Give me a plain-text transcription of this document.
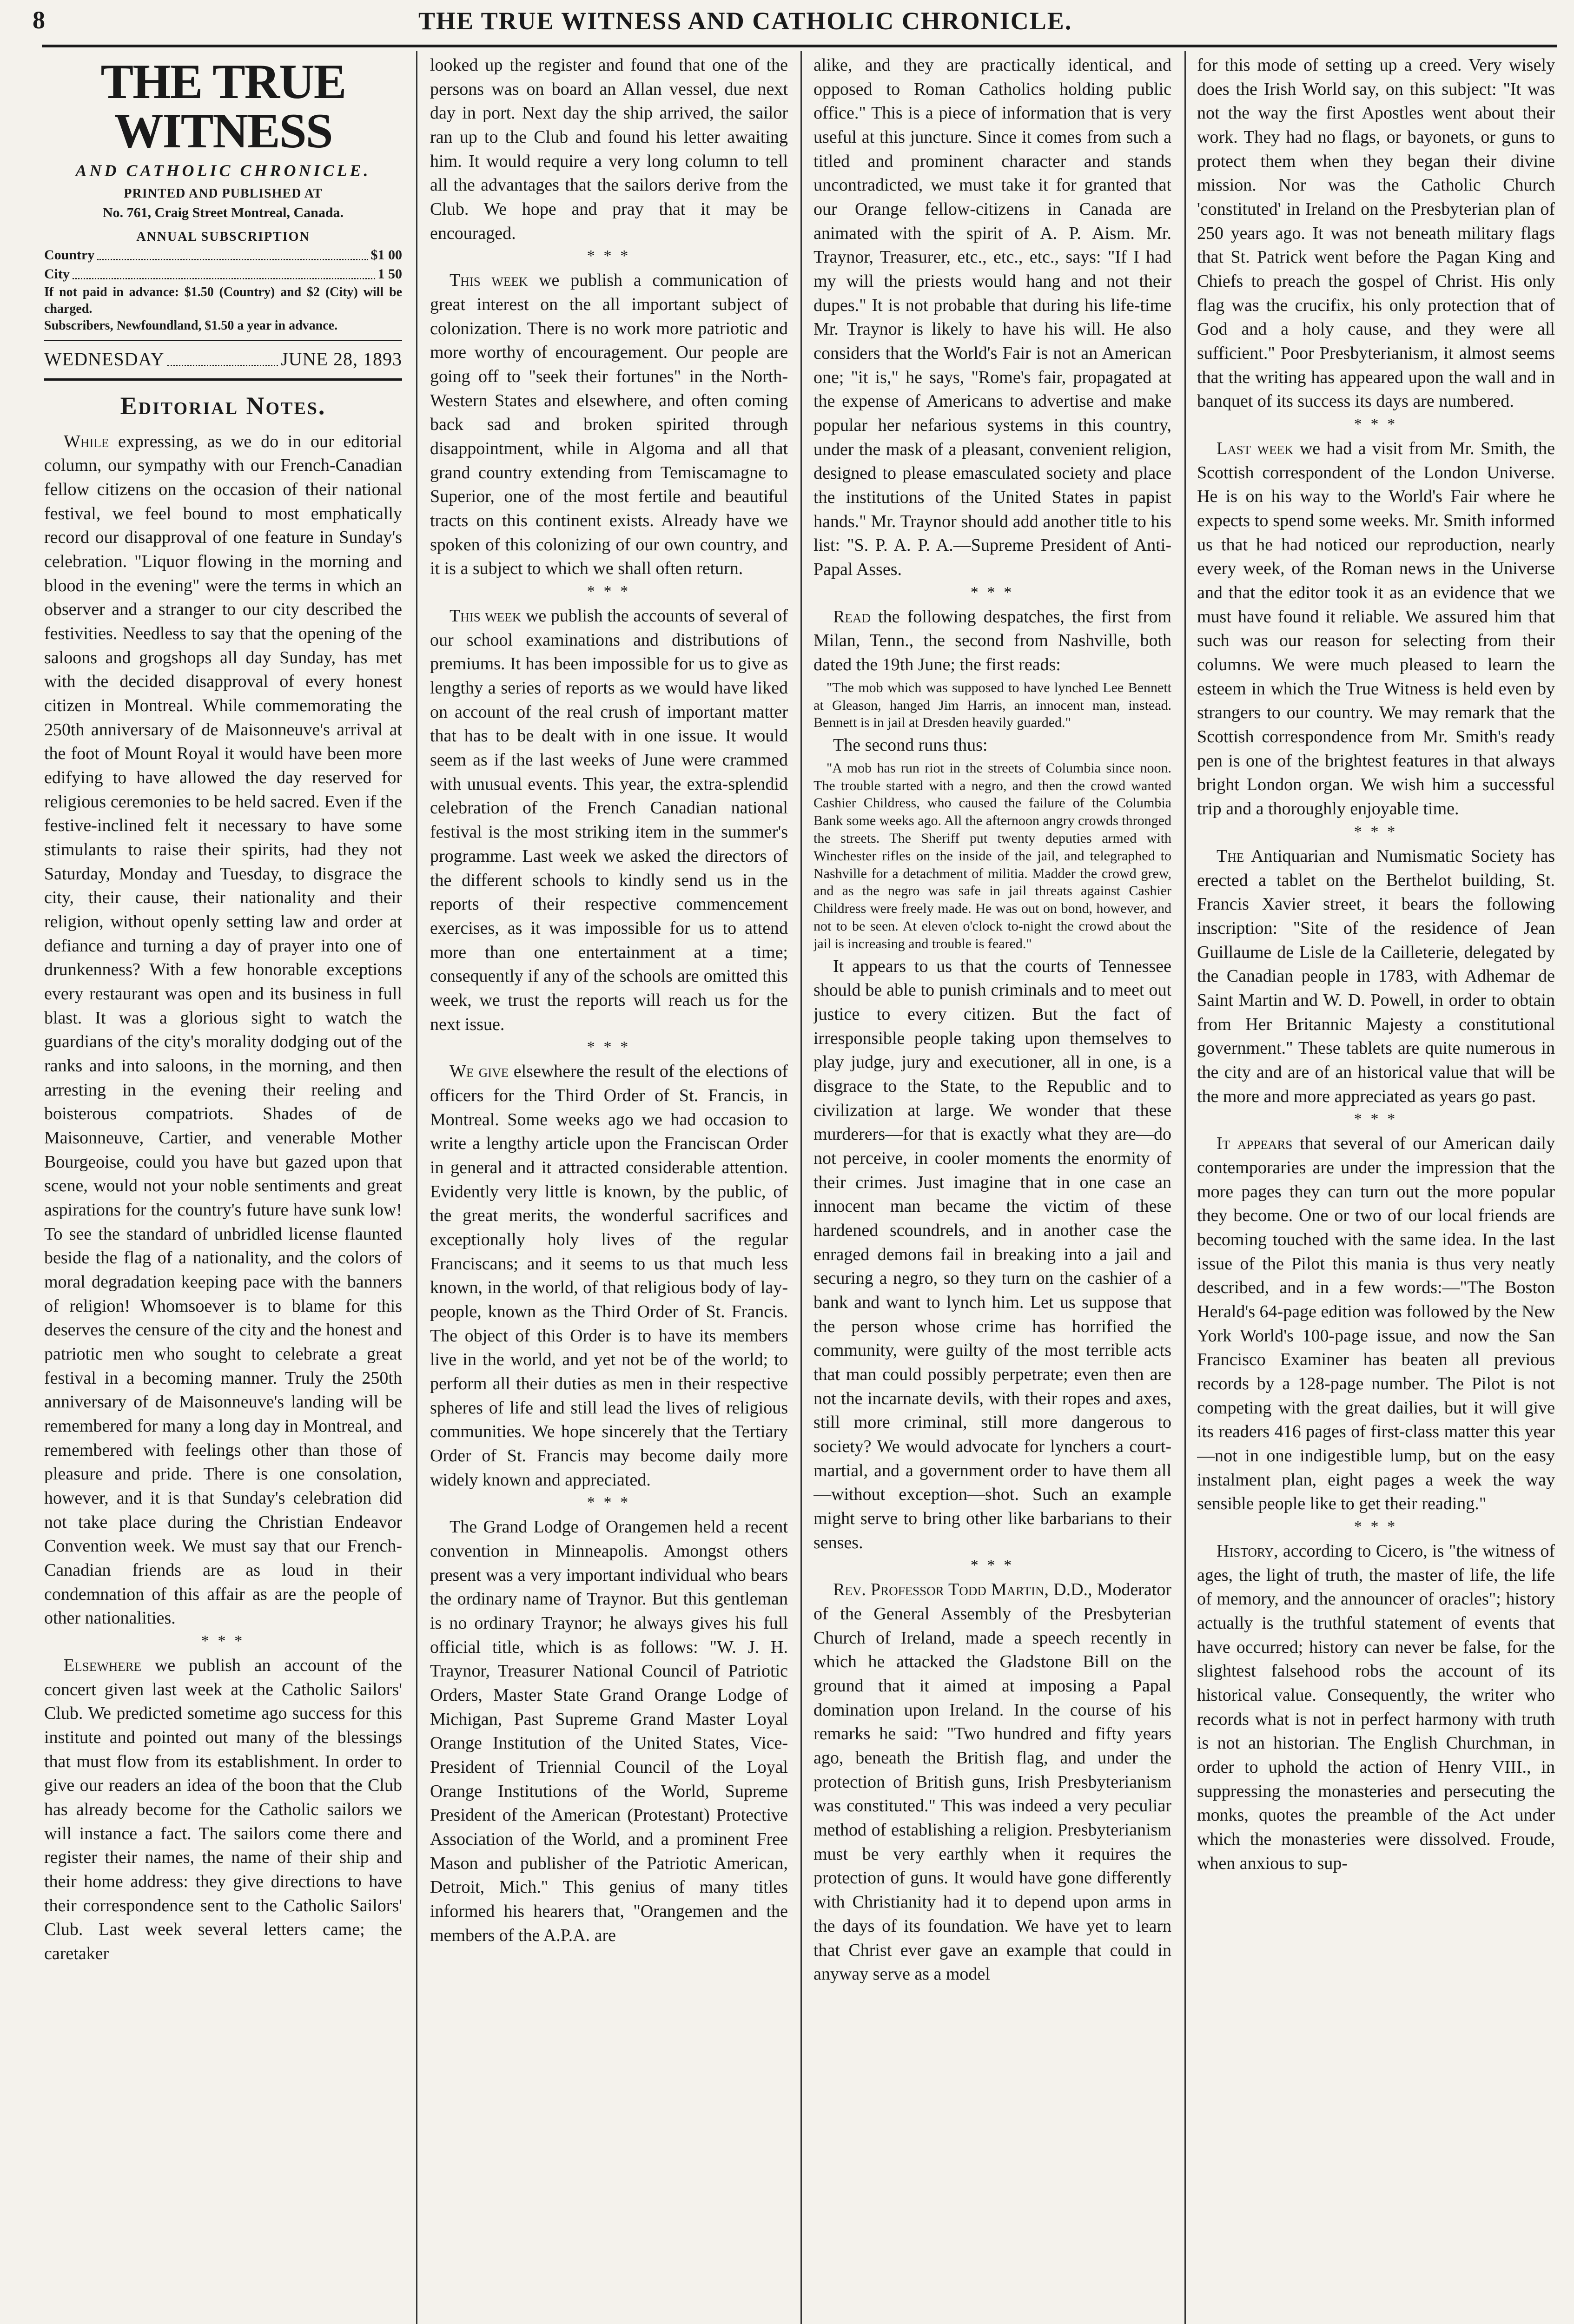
8	THE TRUE WITNESS AND CATHOLIC CHRONICLE.
THE TRUE WITNESS
AND CATHOLIC CHRONICLE.
PRINTED AND PUBLISHED AT
No. 761, Craig Street Montreal, Canada.
ANNUAL SUBSCRIPTION
Country	$1 00
City	1 50
If not paid in advance: $1.50 (Country) and $2 (City) will be charged.
Subscribers, Newfoundland, $1.50 a year in advance.
WEDNESDAY	JUNE 28, 1893
Editorial Notes.

While expressing, as we do in our editorial column, our sympathy with our French-Canadian fellow citizens on the occasion of their national festival, we feel bound to most emphatically record our disapproval of one feature in Sunday's celebration. "Liquor flowing in the morning and blood in the evening" were the terms in which an observer and a stranger to our city described the festivities. Needless to say that the opening of the saloons and grogshops all day Sunday, has met with the decided disapproval of every honest citizen in Montreal. While commemorating the 250th anniversary of de Maisonneuve's arrival at the foot of Mount Royal it would have been more edifying to have allowed the day reserved for religious ceremonies to be held sacred. Even if the festive-inclined felt it necessary to have some stimulants to raise their spirits, had they not Saturday, Monday and Tuesday, to disgrace the city, their cause, their nationality and their religion, without openly setting law and order at defiance and turning a day of prayer into one of drunkenness? With a few honorable exceptions every restaurant was open and its business in full blast. It was a glorious sight to watch the guardians of the city's morality dodging out of the ranks and into saloons, in the morning, and then arresting in the evening their reeling and boisterous compatriots. Shades of de Maisonneuve, Cartier, and venerable Mother Bourgeoise, could you have but gazed upon that scene, would not your noble sentiments and great aspirations for the country's future have sunk low! To see the standard of unbridled license flaunted beside the flag of a nationality, and the colors of moral degradation keeping pace with the banners of religion! Whomsoever is to blame for this deserves the censure of the city and the honest and patriotic men who sought to celebrate a great festival in a becoming manner. Truly the 250th anniversary of de Maisonneuve's landing will be remembered for many a long day in Montreal, and remembered with feelings other than those of pleasure and pride. There is one consolation, however, and it is that Sunday's celebration did not take place during the Christian Endeavor Convention week. We must say that our French-Canadian friends are as loud in their condemnation of this affair as are the people of other nationalities.

* * *

Elsewhere we publish an account of the concert given last week at the Catholic Sailors' Club. We predicted sometime ago success for this institute and pointed out many of the blessings that must flow from its establishment. In order to give our readers an idea of the boon that the Club has already become for the Catholic sailors we will instance a fact. The sailors come there and register their names, the name of their ship and their home address: they give directions to have their correspondence sent to the Catholic Sailors' Club. Last week several letters came; the caretaker

looked up the register and found that one of the persons was on board an Allan vessel, due next day in port. Next day the ship arrived, the sailor ran up to the Club and found his letter awaiting him. It would require a very long column to tell all the advantages that the sailors derive from the Club. We hope and pray that it may be encouraged.

* * *

This week we publish a communication of great interest on the all important subject of colonization. There is no work more patriotic and more worthy of encouragement. Our people are going off to "seek their fortunes" in the North-Western States and elsewhere, and often coming back sad and broken spirited through disappointment, while in Algoma and all that grand country extending from Temiscamagne to Superior, one of the most fertile and beautiful tracts on this continent exists. Already have we spoken of this colonizing of our own country, and it is a subject to which we shall often return.

* * *

This week we publish the accounts of several of our school examinations and distributions of premiums. It has been impossible for us to give as lengthy a series of reports as we would have liked on account of the real crush of important matter that has to be dealt with in one issue. It would seem as if the last weeks of June were crammed with unusual events. This year, the extra-splendid celebration of the French Canadian national festival is the most striking item in the summer's programme. Last week we asked the directors of the different schools to kindly send us in the reports of their respective commencement exercises, as it was impossible for us to attend more than one entertainment at a time; consequently if any of the schools are omitted this week, we trust the reports will reach us for the next issue.

* * *

We give elsewhere the result of the elections of officers for the Third Order of St. Francis, in Montreal. Some weeks ago we had occasion to write a lengthy article upon the Franciscan Order in general and it attracted considerable attention. Evidently very little is known, by the public, of the great merits, the wonderful sacrifices and exceptionally holy lives of the regular Franciscans; and it seems to us that much less known, in the world, of that religious body of lay-people, known as the Third Order of St. Francis. The object of this Order is to have its members live in the world, and yet not be of the world; to perform all their duties as men in their respective spheres of life and still lead the lives of religious communities. We hope sincerely that the Tertiary Order of St. Francis may become daily more widely known and appreciated.

* * *

The Grand Lodge of Orangemen held a recent convention in Minneapolis. Amongst others present was a very important individual who bears the ordinary name of Traynor. But this gentleman is no ordinary Traynor; he always gives his full official title, which is as follows: "W. J. H. Traynor, Treasurer National Council of Patriotic Orders, Master State Grand Orange Lodge of Michigan, Past Supreme Grand Master Loyal Orange Institution of the United States, Vice-President of Triennial Council of the Loyal Orange Institutions of the World, Supreme President of the American (Protestant) Protective Association of the World, and a prominent Free Mason and publisher of the Patriotic American, Detroit, Mich." This genius of many titles informed his hearers that, "Orangemen and the members of the A.P.A. are

alike, and they are practically identical, and opposed to Roman Catholics holding public office." This is a piece of information that is very useful at this juncture. Since it comes from such a titled and prominent character and stands uncontradicted, we must take it for granted that our Orange fellow-citizens in Canada are animated with the spirit of A. P. Aism. Mr. Traynor, Treasurer, etc., etc., etc., says: "If I had my will the priests would hang and not their dupes." It is not probable that during his life-time Mr. Traynor is likely to have his will. He also considers that the World's Fair is not an American one; "it is," he says, "Rome's fair, propagated at the expense of Americans to advertise and make popular her nefarious systems in this country, under the mask of a pleasant, convenient religion, designed to please emasculated society and place the institutions of the United States in papist hands." Mr. Traynor should add another title to his list: "S. P. A. P. A.—Supreme President of Anti-Papal Asses.

* * *

Read the following despatches, the first from Milan, Tenn., the second from Nashville, both dated the 19th June; the first reads:

"The mob which was supposed to have lynched Lee Bennett at Gleason, hanged Jim Harris, an innocent man, instead. Bennett is in jail at Dresden heavily guarded."

The second runs thus:

"A mob has run riot in the streets of Columbia since noon. The trouble started with a negro, and then the crowd wanted Cashier Childress, who caused the failure of the Columbia Bank some weeks ago. All the afternoon angry crowds thronged the streets. The Sheriff put twenty deputies armed with Winchester rifles on the inside of the jail, and telegraphed to Nashville for a detachment of militia. Madder the crowd grew, and as the negro was safe in jail threats against Cashier Childress were freely made. He was out on bond, however, and not to be seen. At eleven o'clock to-night the crowd about the jail is increasing and trouble is feared."

It appears to us that the courts of Tennessee should be able to punish criminals and to meet out justice to every citizen. But the fact of irresponsible people taking upon themselves to play judge, jury and executioner, all in one, is a disgrace to the State, to the Republic and to civilization at large. We wonder that these murderers—for that is exactly what they are—do not perceive, in cooler moments the enormity of their crimes. Just imagine that in one case an innocent man became the victim of these hardened scoundrels, and in another case the enraged demons fail in breaking into a jail and securing a negro, so they turn on the cashier of a bank and want to lynch him. Let us suppose that the person whose crime has horrified the community, were guilty of the most terrible acts that man could possibly perpetrate; even then are not the incarnate devils, with their ropes and axes, still more criminal, still more dangerous to society? We would advocate for lynchers a court-martial, and a government order to have them all—without exception—shot. Such an example might serve to bring other like barbarians to their senses.

* * *

Rev. Professor Todd Martin, D.D., Moderator of the General Assembly of the Presbyterian Church of Ireland, made a speech recently in which he attacked the Gladstone Bill on the ground that it aimed at imposing a Papal domination upon Ireland. In the course of his remarks he said: "Two hundred and fifty years ago, beneath the British flag, and under the protection of British guns, Irish Presbyterianism was constituted." This was indeed a very peculiar method of establishing a religion. Presbyterianism must be very earthly when it requires the protection of guns. It would have gone differently with Christianity had it to depend upon arms in the days of its foundation. We have yet to learn that Christ ever gave an example that could in anyway serve as a model

for this mode of setting up a creed. Very wisely does the Irish World say, on this subject: "It was not the way the first Apostles went about their work. They had no flags, or bayonets, or guns to protect them when they began their divine mission. Nor was the Catholic Church 'constituted' in Ireland on the Presbyterian plan of 250 years ago. It was not beneath military flags that St. Patrick went before the Pagan King and Chiefs to preach the gospel of Christ. His only flag was the crucifix, his only protection that of God and a holy cause, and they were all sufficient." Poor Presbyterianism, it almost seems that the writing has appeared upon the wall and in banquet of its success its days are numbered.

* * *

Last week we had a visit from Mr. Smith, the Scottish correspondent of the London Universe. He is on his way to the World's Fair where he expects to spend some weeks. Mr. Smith informed us that he had noticed our reproduction, nearly every week, of the Roman news in the Universe and that the editor took it as an evidence that we must have found it reliable. We assured him that such was our reason for selecting from their columns. We were much pleased to learn the esteem in which the True Witness is held even by strangers to our country. We may remark that the Scottish correspondence from Mr. Smith's ready pen is one of the brightest features in that always bright London organ. We wish him a successful trip and a thoroughly enjoyable time.

* * *

The Antiquarian and Numismatic Society has erected a tablet on the Berthelot building, St. Francis Xavier street, it bears the following inscription: "Site of the residence of Jean Guillaume de Lisle de la Cailleterie, delegated by the Canadian people in 1783, with Adhemar de Saint Martin and W. D. Powell, in order to obtain from Her Britannic Majesty a constitutional government." These tablets are quite numerous in the city and are of an historical value that will be the more and more appreciated as years go past.

* * *

It appears that several of our American daily contemporaries are under the impression that the more pages they can turn out the more popular they become. One or two of our local friends are becoming touched with the same idea. In the last issue of the Pilot this mania is thus very neatly described, and in a few words:—"The Boston Herald's 64-page edition was followed by the New York World's 100-page issue, and now the San Francisco Examiner has beaten all previous records by a 128-page number. The Pilot is not competing with the great dailies, but it will give its readers 416 pages of first-class matter this year—not in one indigestible lump, but on the easy instalment plan, eight pages a week the way sensible people like to get their reading."

* * *

History, according to Cicero, is "the witness of ages, the light of truth, the master of life, the life of memory, and the announcer of oracles"; history actually is the truthful statement of events that have occurred; history can never be false, for the slightest falsehood robs the account of its historical value. Consequently, the writer who records what is not in perfect harmony with truth is not an historian. The English Churchman, in order to uphold the action of Henry VIII., in suppressing the monasteries and persecuting the monks, quotes the preamble of the Act under which the monasteries were dissolved. Froude, when anxious to sup-
